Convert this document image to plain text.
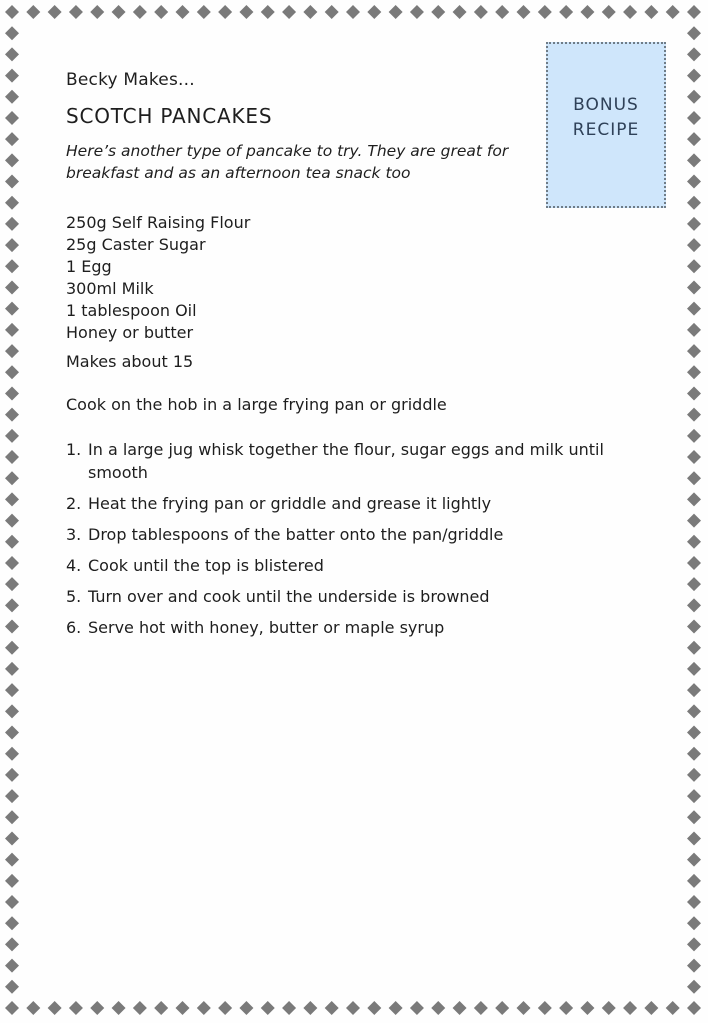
Becky Makes...
SCOTCH PANCAKES

Here’s another type of pancake to try. They are great for breakfast and as an afternoon tea snack too

250g Self Raising Flour
25g Caster Sugar
1 Egg
300ml Milk
1 tablespoon Oil
Honey or butter
Makes about 15
Cook on the hob in a large frying pan or griddle
1. In a large jug whisk together the flour, sugar eggs and milk until smooth
2. Heat the frying pan or griddle and grease it lightly
3. Drop tablespoons of the batter onto the pan/griddle
4. Cook until the top is blistered
5. Turn over and cook until the underside is browned
6. Serve hot with honey, butter or maple syrup
BONUS
RECIPE
